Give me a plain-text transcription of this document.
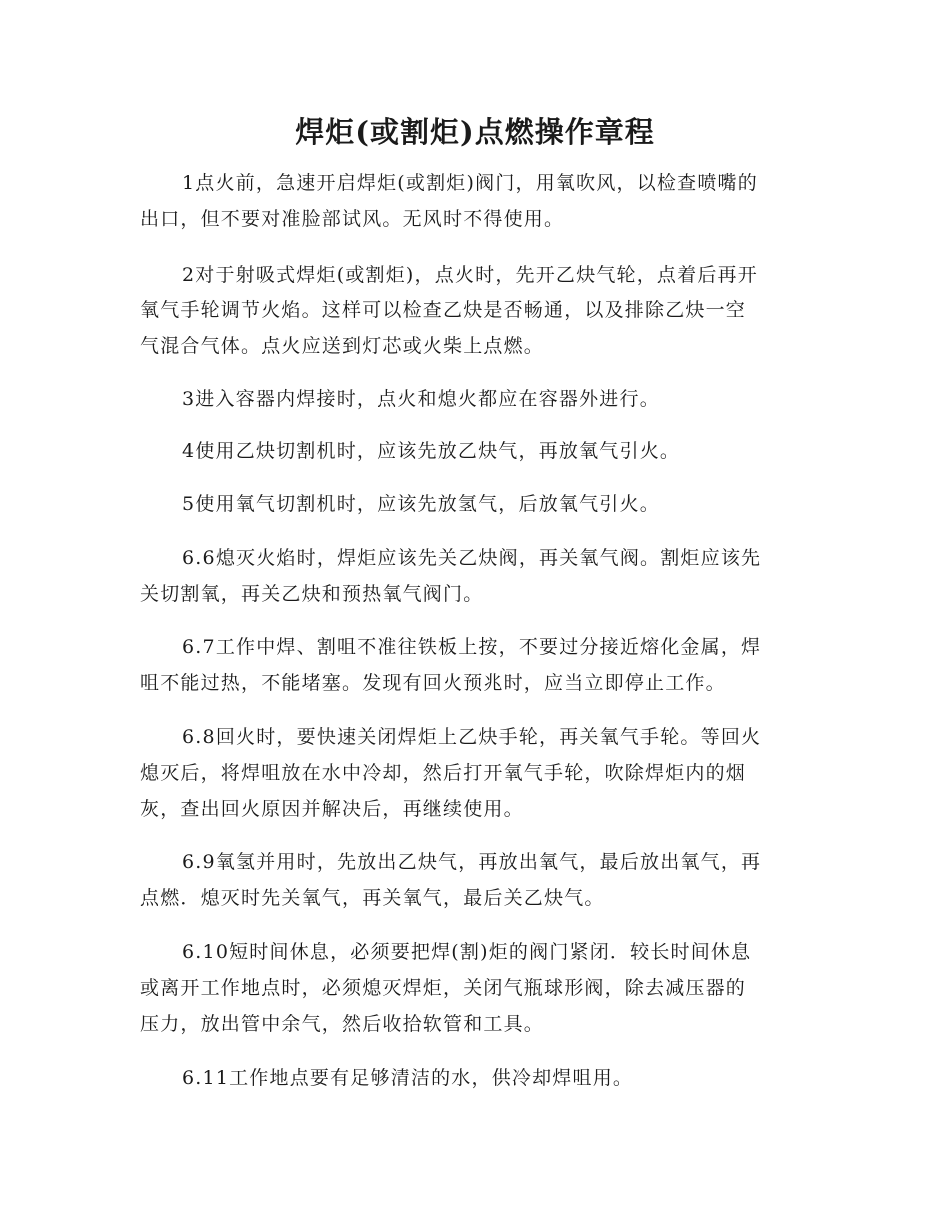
焊炬(或割炬)点燃操作章程
1点火前，急速开启焊炬(或割炬)阀门，用氧吹风，以检查喷嘴的
出口，但不要对准脸部试风。无风时不得使用。
2对于射吸式焊炬(或割炬)，点火时，先开乙炔气轮，点着后再开
氧气手轮调节火焰。这样可以检查乙炔是否畅通，以及排除乙炔一空
气混合气体。点火应送到灯芯或火柴上点燃。
3进入容器内焊接时，点火和熄火都应在容器外进行。
4使用乙炔切割机时，应该先放乙炔气，再放氧气引火。
5使用氧气切割机时，应该先放氢气，后放氧气引火。
6.6熄灭火焰时，焊炬应该先关乙炔阀，再关氧气阀。割炬应该先
关切割氧，再关乙炔和预热氧气阀门。
6.7工作中焊、割咀不准往铁板上按，不要过分接近熔化金属，焊
咀不能过热，不能堵塞。发现有回火预兆时，应当立即停止工作。
6.8回火时，要快速关闭焊炬上乙炔手轮，再关氧气手轮。等回火
熄灭后，将焊咀放在水中冷却，然后打开氧气手轮，吹除焊炬内的烟
灰，查出回火原因并解决后，再继续使用。
6.9氧氢并用时，先放出乙炔气，再放出氧气，最后放出氧气，再
点燃．熄灭时先关氧气，再关氧气，最后关乙炔气。
6.10短时间休息，必须要把焊(割)炬的阀门紧闭．较长时间休息
或离开工作地点时，必须熄灭焊炬，关闭气瓶球形阀，除去减压器的
压力，放出管中余气，然后收拾软管和工具。
6.11工作地点要有足够清洁的水，供冷却焊咀用。
